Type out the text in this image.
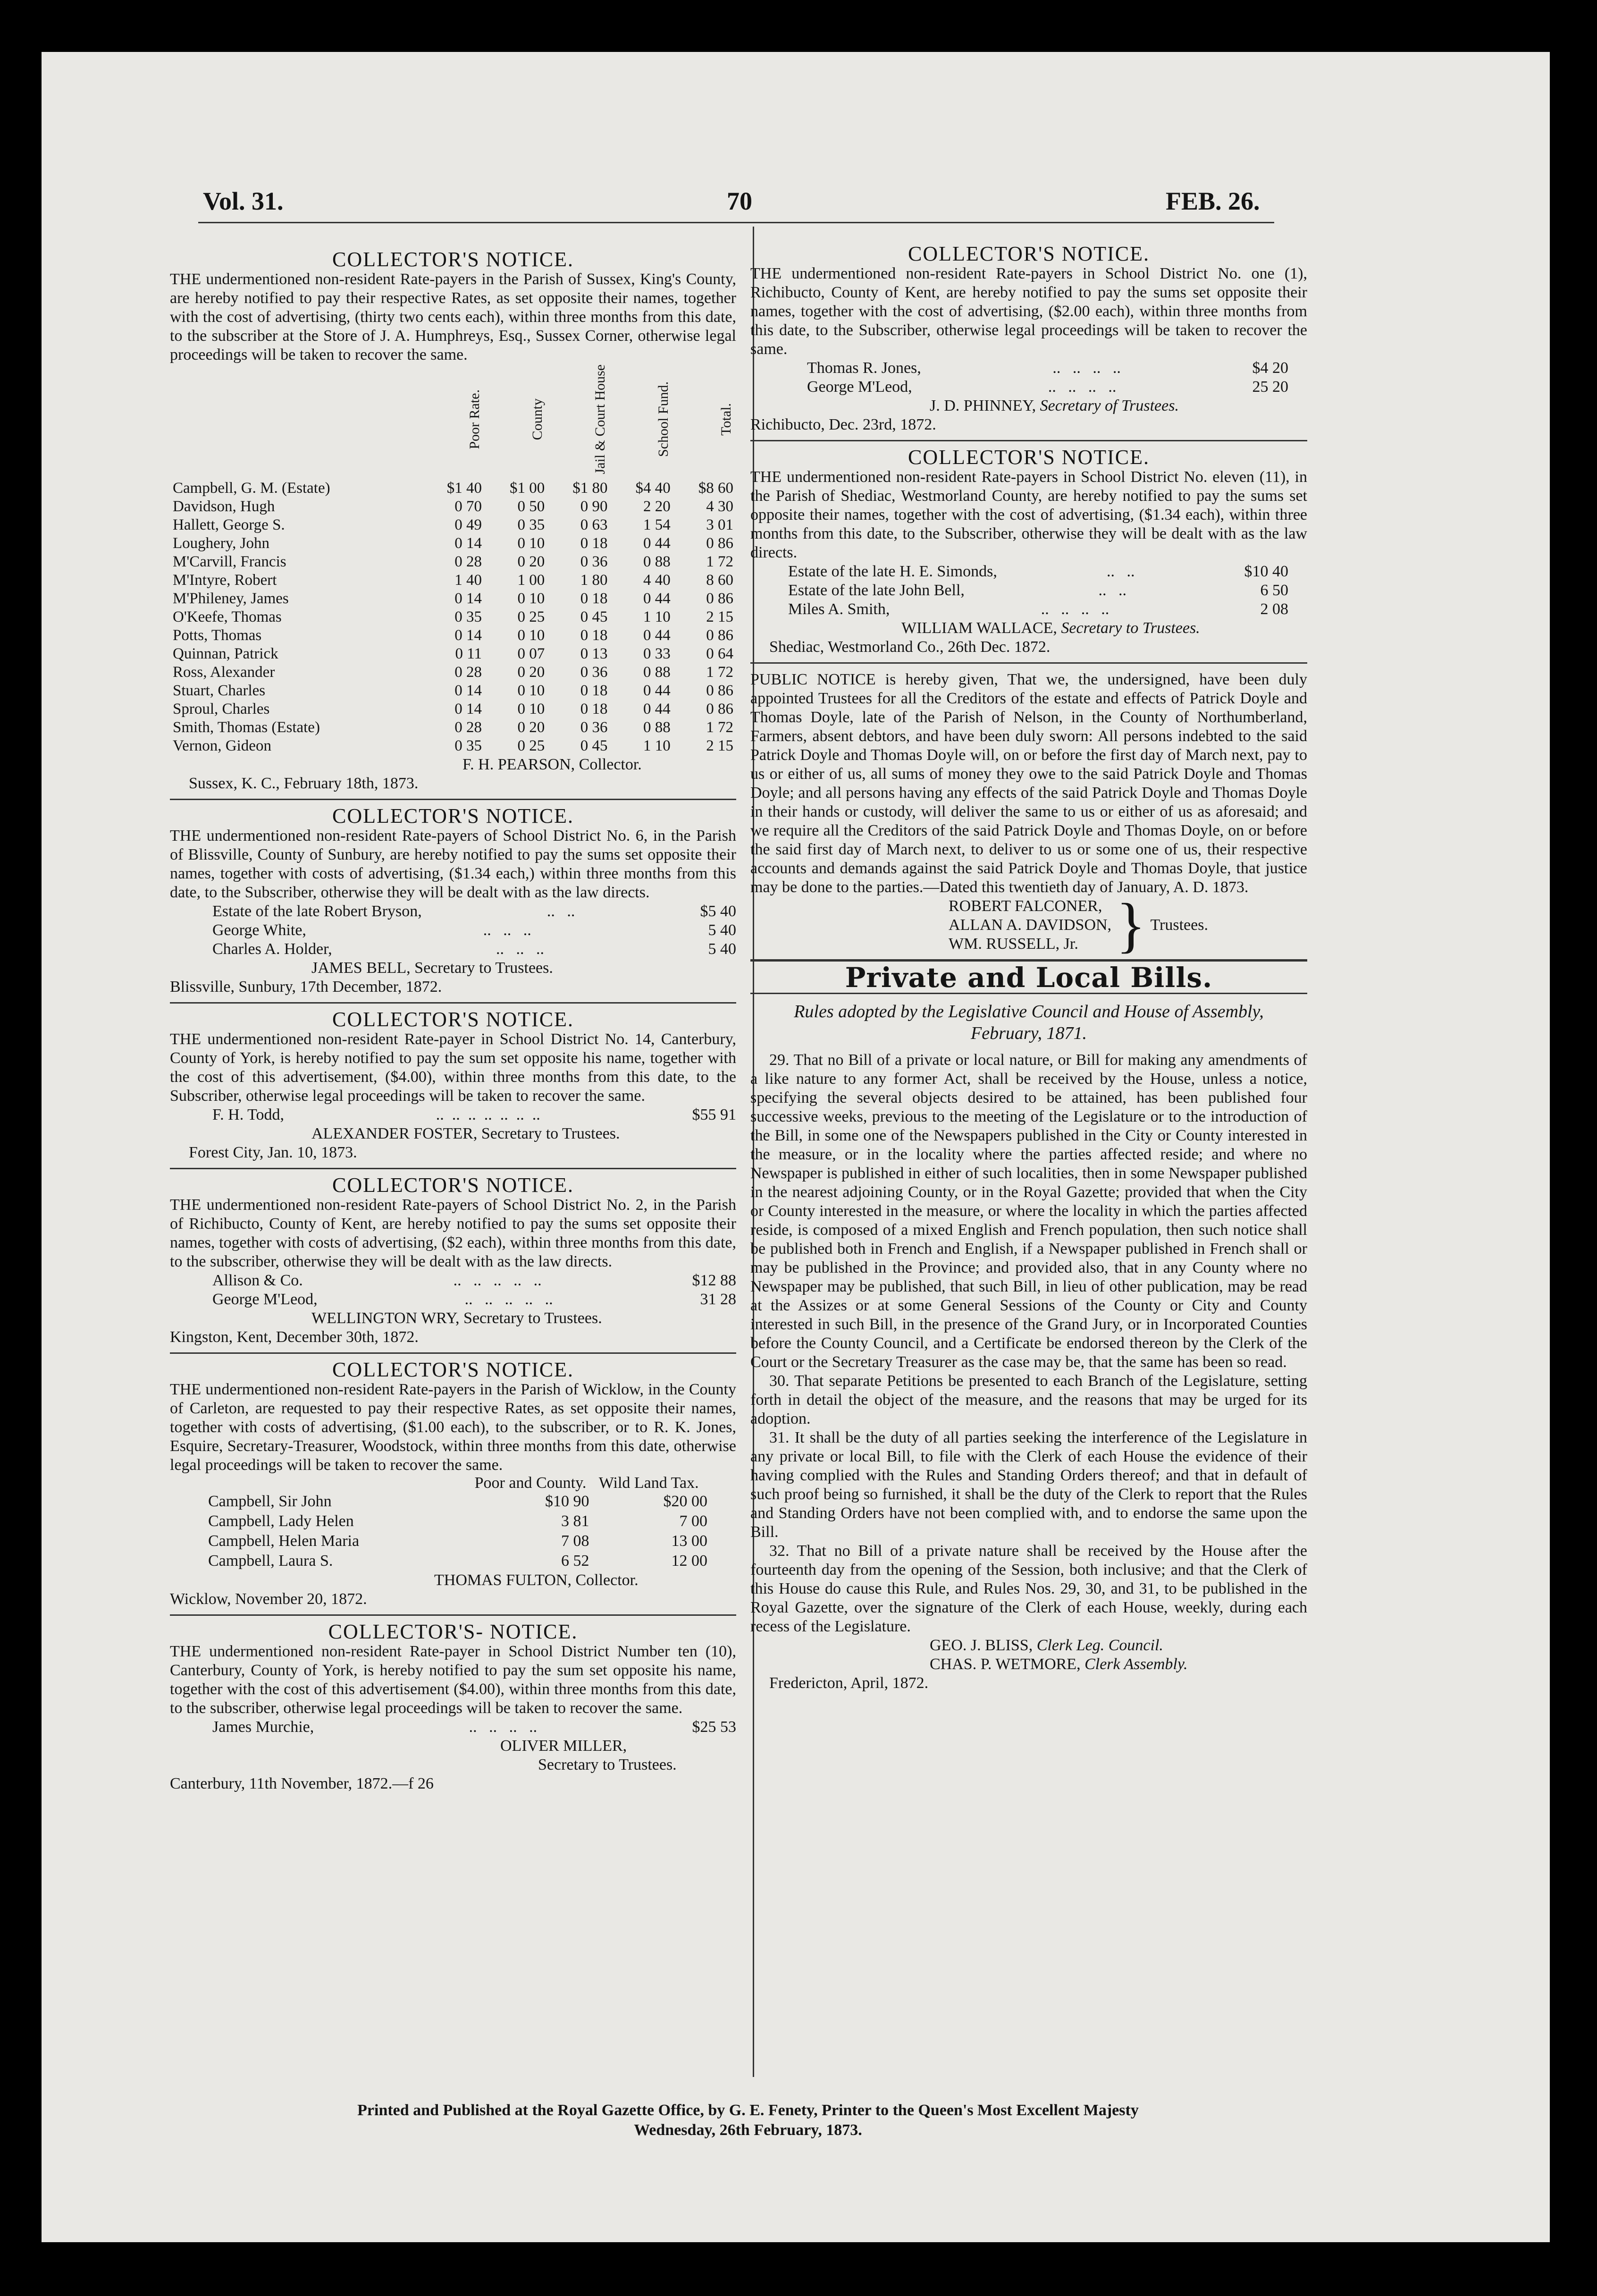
Vol. 31.	70	FEB. 26.
COLLECTOR'S NOTICE.

THE undermentioned non-resident Rate-payers in the Parish of Sussex, King's County, are hereby notified to pay their respective Rates, as set opposite their names, together with the cost of advertising, (thirty two cents each), within three months from this date, to the subscriber at the Store of J. A. Humphreys, Esq., Sussex Corner, otherwise legal proceedings will be taken to recover the same.

	Poor Rate.	County	Jail & Court House	School Fund.	Total.
Campbell, G. M. (Estate)	$1 40	$1 00	$1 80	$4 40	$8 60
Davidson, Hugh	0 70	0 50	0 90	2 20	4 30
Hallett, George S.	0 49	0 35	0 63	1 54	3 01
Loughery, John	0 14	0 10	0 18	0 44	0 86
M'Carvill, Francis	0 28	0 20	0 36	0 88	1 72
M'Intyre, Robert	1 40	1 00	1 80	4 40	8 60
M'Phileney, James	0 14	0 10	0 18	0 44	0 86
O'Keefe, Thomas	0 35	0 25	0 45	1 10	2 15
Potts, Thomas	0 14	0 10	0 18	0 44	0 86
Quinnan, Patrick	0 11	0 07	0 13	0 33	0 64
Ross, Alexander	0 28	0 20	0 36	0 88	1 72
Stuart, Charles	0 14	0 10	0 18	0 44	0 86
Sproul, Charles	0 14	0 10	0 18	0 44	0 86
Smith, Thomas (Estate)	0 28	0 20	0 36	0 88	1 72
Vernon, Gideon	0 35	0 25	0 45	1 10	2 15
F. H. PEARSON, Collector.
Sussex, K. C., February 18th, 1873.
COLLECTOR'S NOTICE.

THE undermentioned non-resident Rate-payers of School District No. 6, in the Parish of Blissville, County of Sunbury, are hereby notified to pay the sums set opposite their names, together with costs of advertising, ($1.34 each,) within three months from this date, to the Subscriber, otherwise they will be dealt with as the law directs.

Estate of the late Robert Bryson,	..   ..	$5 40
George White,	..   ..   ..	5 40
Charles A. Holder,	..   ..   ..	5 40
JAMES BELL, Secretary to Trustees.
Blissville, Sunbury, 17th December, 1872.
COLLECTOR'S NOTICE.

THE undermentioned non-resident Rate-payer in School District No. 14, Canterbury, County of York, is hereby notified to pay the sum set opposite his name, together with the cost of this advertisement, ($4.00), within three months from this date, to the Subscriber, otherwise legal proceedings will be taken to recover the same.

F. H. Todd,	..  ..  ..  ..  ..  ..  ..	$55 91
ALEXANDER FOSTER, Secretary to Trustees.
Forest City, Jan. 10, 1873.
COLLECTOR'S NOTICE.

THE undermentioned non-resident Rate-payers of School District No. 2, in the Parish of Richibucto, County of Kent, are hereby notified to pay the sums set opposite their names, together with costs of advertising, ($2 each), within three months from this date, to the subscriber, otherwise they will be dealt with as the law directs.

Allison & Co.	..   ..   ..   ..   ..	$12 88
George M'Leod,	..   ..   ..   ..   ..	31 28
WELLINGTON WRY, Secretary to Trustees.
Kingston, Kent, December 30th, 1872.
COLLECTOR'S NOTICE.

THE undermentioned non-resident Rate-payers in the Parish of Wicklow, in the County of Carleton, are requested to pay their respective Rates, as set opposite their names, together with costs of advertising, ($1.00 each), to the subscriber, or to R. K. Jones, Esquire, Secretary-Treasurer, Woodstock, within three months from this date, otherwise legal proceedings will be taken to recover the same.

	Poor and County.	Wild Land Tax.
Campbell, Sir John	$10 90	$20 00
Campbell, Lady Helen	3 81	7 00
Campbell, Helen Maria	7 08	13 00
Campbell, Laura S.	6 52	12 00
THOMAS FULTON, Collector.
Wicklow, November 20, 1872.
COLLECTOR'S- NOTICE.

THE undermentioned non-resident Rate-payer in School District Number ten (10), Canterbury, County of York, is hereby notified to pay the sum set opposite his name, together with the cost of this advertisement ($4.00), within three months from this date, to the subscriber, otherwise legal proceedings will be taken to recover the same.

James Murchie,	..   ..   ..   ..	$25 53
OLIVER MILLER,
Secretary to Trustees.
Canterbury, 11th November, 1872.—f 26
COLLECTOR'S NOTICE.

THE undermentioned non-resident Rate-payers in School District No. one (1), Richibucto, County of Kent, are hereby notified to pay the sums set opposite their names, together with the cost of advertising, ($2.00 each), within three months from this date, to the Subscriber, otherwise legal proceedings will be taken to recover the same.

Thomas R. Jones,	..   ..   ..   ..	$4 20
George M'Leod,	..   ..   ..   ..	25 20
J. D. PHINNEY, Secretary of Trustees.
Richibucto, Dec. 23rd, 1872.
COLLECTOR'S NOTICE.

THE undermentioned non-resident Rate-payers in School District No. eleven (11), in the Parish of Shediac, Westmorland County, are hereby notified to pay the sums set opposite their names, together with the cost of advertising, ($1.34 each), within three months from this date, to the Subscriber, otherwise they will be dealt with as the law directs.

Estate of the late H. E. Simonds,	..   ..	$10 40
Estate of the late John Bell,	..   ..	6 50
Miles A. Smith,	..   ..   ..   ..	2 08
WILLIAM WALLACE, Secretary to Trustees.
Shediac, Westmorland Co., 26th Dec. 1872.

PUBLIC NOTICE is hereby given, That we, the undersigned, have been duly appointed Trustees for all the Creditors of the estate and effects of Patrick Doyle and Thomas Doyle, late of the Parish of Nelson, in the County of Northumberland, Farmers, absent debtors, and have been duly sworn: All persons indebted to the said Patrick Doyle and Thomas Doyle will, on or before the first day of March next, pay to us or either of us, all sums of money they owe to the said Patrick Doyle and Thomas Doyle; and all persons having any effects of the said Patrick Doyle and Thomas Doyle in their hands or custody, will deliver the same to us or either of us as aforesaid; and we require all the Creditors of the said Patrick Doyle and Thomas Doyle, on or before the said first day of March next, to deliver to us or some one of us, their respective accounts and demands against the said Patrick Doyle and Thomas Doyle, that justice may be done to the parties.—Dated this twentieth day of January, A. D. 1873.

ROBERT FALCONER,
ALLAN A. DAVIDSON,
WM. RUSSELL, Jr. } Trustees.
Private and Local Bills.

Rules adopted by the Legislative Council and House of Assembly, February, 1871.

29. That no Bill of a private or local nature, or Bill for making any amendments of a like nature to any former Act, shall be received by the House, unless a notice, specifying the several objects desired to be attained, has been published four successive weeks, previous to the meeting of the Legislature or to the introduction of the Bill, in some one of the Newspapers published in the City or County interested in the measure, or in the locality where the parties affected reside; and where no Newspaper is published in either of such localities, then in some Newspaper published in the nearest adjoining County, or in the Royal Gazette; provided that when the City or County interested in the measure, or where the locality in which the parties affected reside, is composed of a mixed English and French population, then such notice shall be published both in French and English, if a Newspaper published in French shall or may be published in the Province; and provided also, that in any County where no Newspaper may be published, that such Bill, in lieu of other publication, may be read at the Assizes or at some General Sessions of the County or City and County interested in such Bill, in the presence of the Grand Jury, or in Incorporated Counties before the County Council, and a Certificate be endorsed thereon by the Clerk of the Court or the Secretary Treasurer as the case may be, that the same has been so read.

30. That separate Petitions be presented to each Branch of the Legislature, setting forth in detail the object of the measure, and the reasons that may be urged for its adoption.

31. It shall be the duty of all parties seeking the interference of the Legislature in any private or local Bill, to file with the Clerk of each House the evidence of their having complied with the Rules and Standing Orders thereof; and that in default of such proof being so furnished, it shall be the duty of the Clerk to report that the Rules and Standing Orders have not been complied with, and to endorse the same upon the Bill.

32. That no Bill of a private nature shall be received by the House after the fourteenth day from the opening of the Session, both inclusive; and that the Clerk of this House do cause this Rule, and Rules Nos. 29, 30, and 31, to be published in the Royal Gazette, over the signature of the Clerk of each House, weekly, during each recess of the Legislature.

GEO. J. BLISS, Clerk Leg. Council.
CHAS. P. WETMORE, Clerk Assembly.
Fredericton, April, 1872.
Printed and Published at the Royal Gazette Office, by G. E. Fenety, Printer to the Queen's Most Excellent Majesty
Wednesday, 26th February, 1873.
